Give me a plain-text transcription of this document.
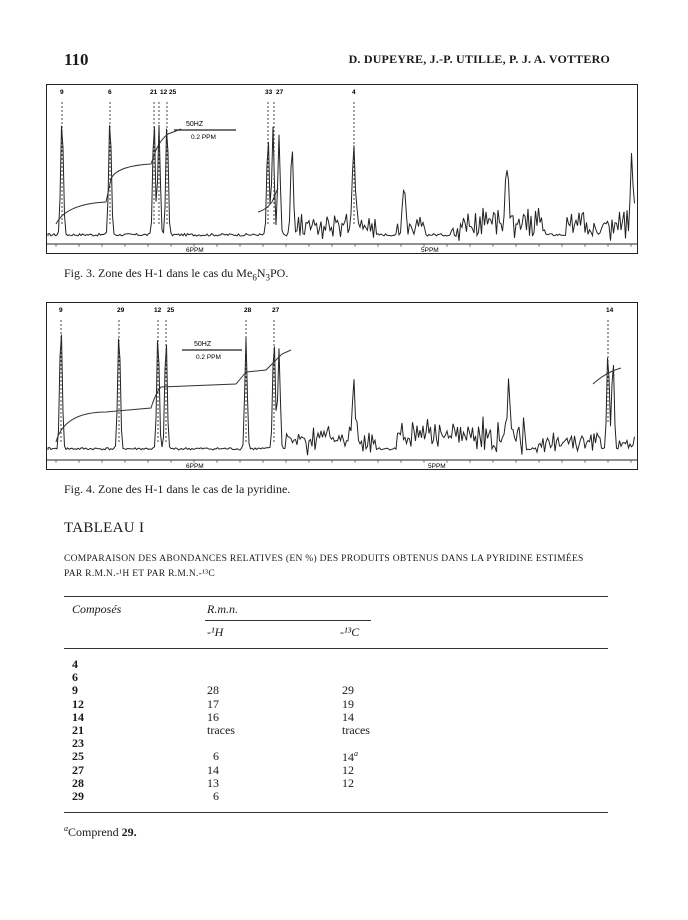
110	D. DUPEYRE, J.-P. UTILLE, P. J. A. VOTTERO
9	6	21 12 25	33 27	4
50HZ
0.2 PPM
6PPM	5PPM
Fig. 3. Zone des H-1 dans le cas du $Me_6N_3PO$.
9	29	12 25	28	27	14
50HZ
0.2 PPM
6PPM	5PPM
Fig. 4. Zone des H-1 dans le cas de la pyridine.
TABLEAU I
COMPARAISON DES ABONDANCES RELATIVES (EN %) DES PRODUITS OBTENUS DANS LA PYRIDINE ESTIMÉES
PAR R.M.N.-¹H ET PAR R.M.N.-¹³C
Composés	R.m.n.
-¹H	-¹³C
4
6
9	28	29
12	17	19
14	16	14
21	traces	traces
23
25	6	14$^a$
27	14	12
28	13	12
29	6
$^a$Comprend 29.
